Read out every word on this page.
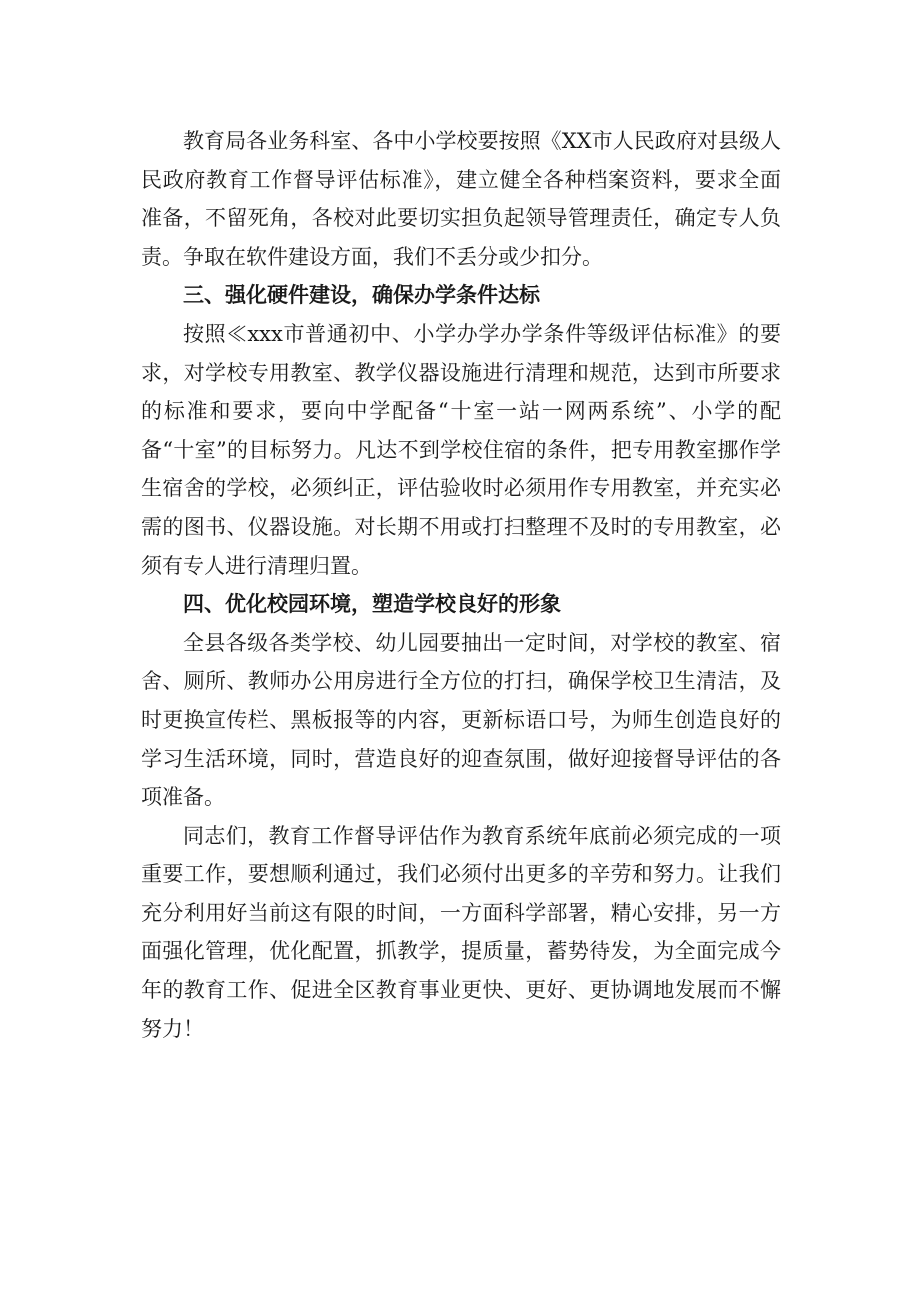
教育局各业务科室、各中小学校要按照《XX市人民政府对县级人民政府教育工作督导评估标准》，建立健全各种档案资料，要求全面准备，不留死角，各校对此要切实担负起领导管理责任，确定专人负责。争取在软件建设方面，我们不丢分或少扣分。

三、强化硬件建设，确保办学条件达标

按照≪xxx市普通初中、小学办学办学条件等级评估标准》的要求，对学校专用教室、教学仪器设施进行清理和规范，达到市所要求的标准和要求，要向中学配备“十室一站一网两系统”、小学的配备“十室”的目标努力。凡达不到学校住宿的条件，把专用教室挪作学生宿舍的学校，必须纠正，评估验收时必须用作专用教室，并充实必需的图书、仪器设施。对长期不用或打扫整理不及时的专用教室，必须有专人进行清理归置。

四、优化校园环境，塑造学校良好的形象

全县各级各类学校、幼儿园要抽出一定时间，对学校的教室、宿舍、厕所、教师办公用房进行全方位的打扫，确保学校卫生清洁，及时更换宣传栏、黑板报等的内容，更新标语口号，为师生创造良好的学习生活环境，同时，营造良好的迎查氛围，做好迎接督导评估的各项准备。

同志们，教育工作督导评估作为教育系统年底前必须完成的一项重要工作，要想顺利通过，我们必须付出更多的辛劳和努力。让我们充分利用好当前这有限的时间，一方面科学部署，精心安排，另一方面强化管理，优化配置，抓教学，提质量，蓄势待发，为全面完成今年的教育工作、促进全区教育事业更快、更好、更协调地发展而不懈努力！
